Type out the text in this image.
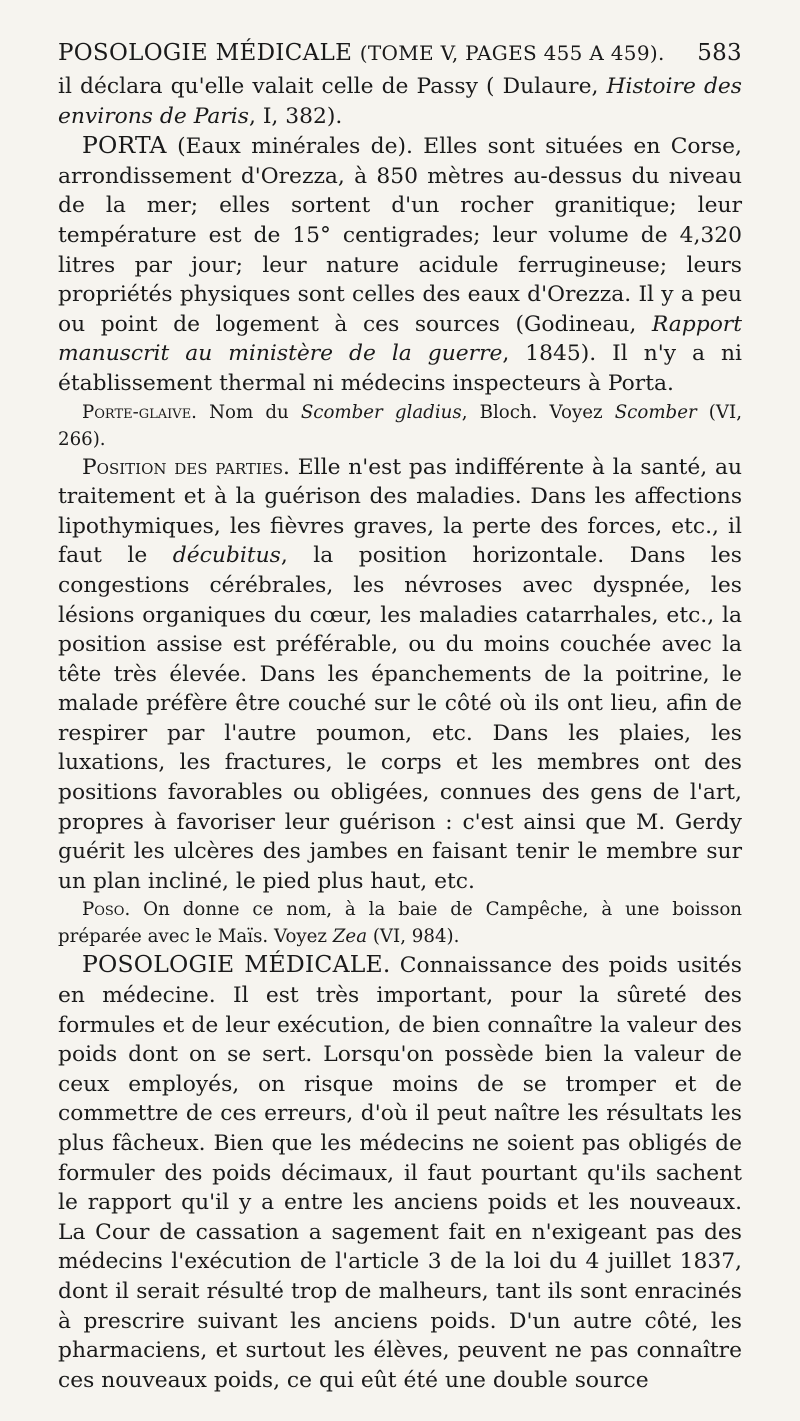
POSOLOGIE MÉDICALE (TOME V, PAGES 455 A 459). 583

il déclara qu'elle valait celle de Passy ( Dulaure, Histoire des environs de Paris, I, 382).

PORTA (Eaux minérales de). Elles sont situées en Corse, arrondissement d'Orezza, à 850 mètres au-dessus du niveau de la mer; elles sortent d'un rocher granitique; leur température est de 15° centigrades; leur volume de 4,320 litres par jour; leur nature acidule ferrugineuse; leurs propriétés physiques sont celles des eaux d'Orezza. Il y a peu ou point de logement à ces sources (Godineau, Rapport manuscrit au ministère de la guerre, 1845). Il n'y a ni établissement thermal ni médecins inspecteurs à Porta.

Porte-glaive. Nom du Scomber gladius, Bloch. Voyez Scomber (VI, 266).

Position des parties. Elle n'est pas indifférente à la santé, au traitement et à la guérison des maladies. Dans les affections lipothymiques, les fièvres graves, la perte des forces, etc., il faut le décubitus, la position horizontale. Dans les congestions cérébrales, les névroses avec dyspnée, les lésions organiques du cœur, les maladies catarrhales, etc., la position assise est préférable, ou du moins couchée avec la tête très élevée. Dans les épanchements de la poitrine, le malade préfère être couché sur le côté où ils ont lieu, afin de respirer par l'autre poumon, etc. Dans les plaies, les luxations, les fractures, le corps et les membres ont des positions favorables ou obligées, connues des gens de l'art, propres à favoriser leur guérison : c'est ainsi que M. Gerdy guérit les ulcères des jambes en faisant tenir le membre sur un plan incliné, le pied plus haut, etc.

Poso. On donne ce nom, à la baie de Campêche, à une boisson préparée avec le Maïs. Voyez Zea (VI, 984).

POSOLOGIE MÉDICALE. Connaissance des poids usités en médecine. Il est très important, pour la sûreté des formules et de leur exécution, de bien connaître la valeur des poids dont on se sert. Lorsqu'on possède bien la valeur de ceux employés, on risque moins de se tromper et de commettre de ces erreurs, d'où il peut naître les résultats les plus fâcheux. Bien que les médecins ne soient pas obligés de formuler des poids décimaux, il faut pourtant qu'ils sachent le rapport qu'il y a entre les anciens poids et les nouveaux. La Cour de cassation a sagement fait en n'exigeant pas des médecins l'exécution de l'article 3 de la loi du 4 juillet 1837, dont il serait résulté trop de malheurs, tant ils sont enracinés à prescrire suivant les anciens poids. D'un autre côté, les pharmaciens, et surtout les élèves, peuvent ne pas connaître ces nouveaux poids, ce qui eût été une double source
